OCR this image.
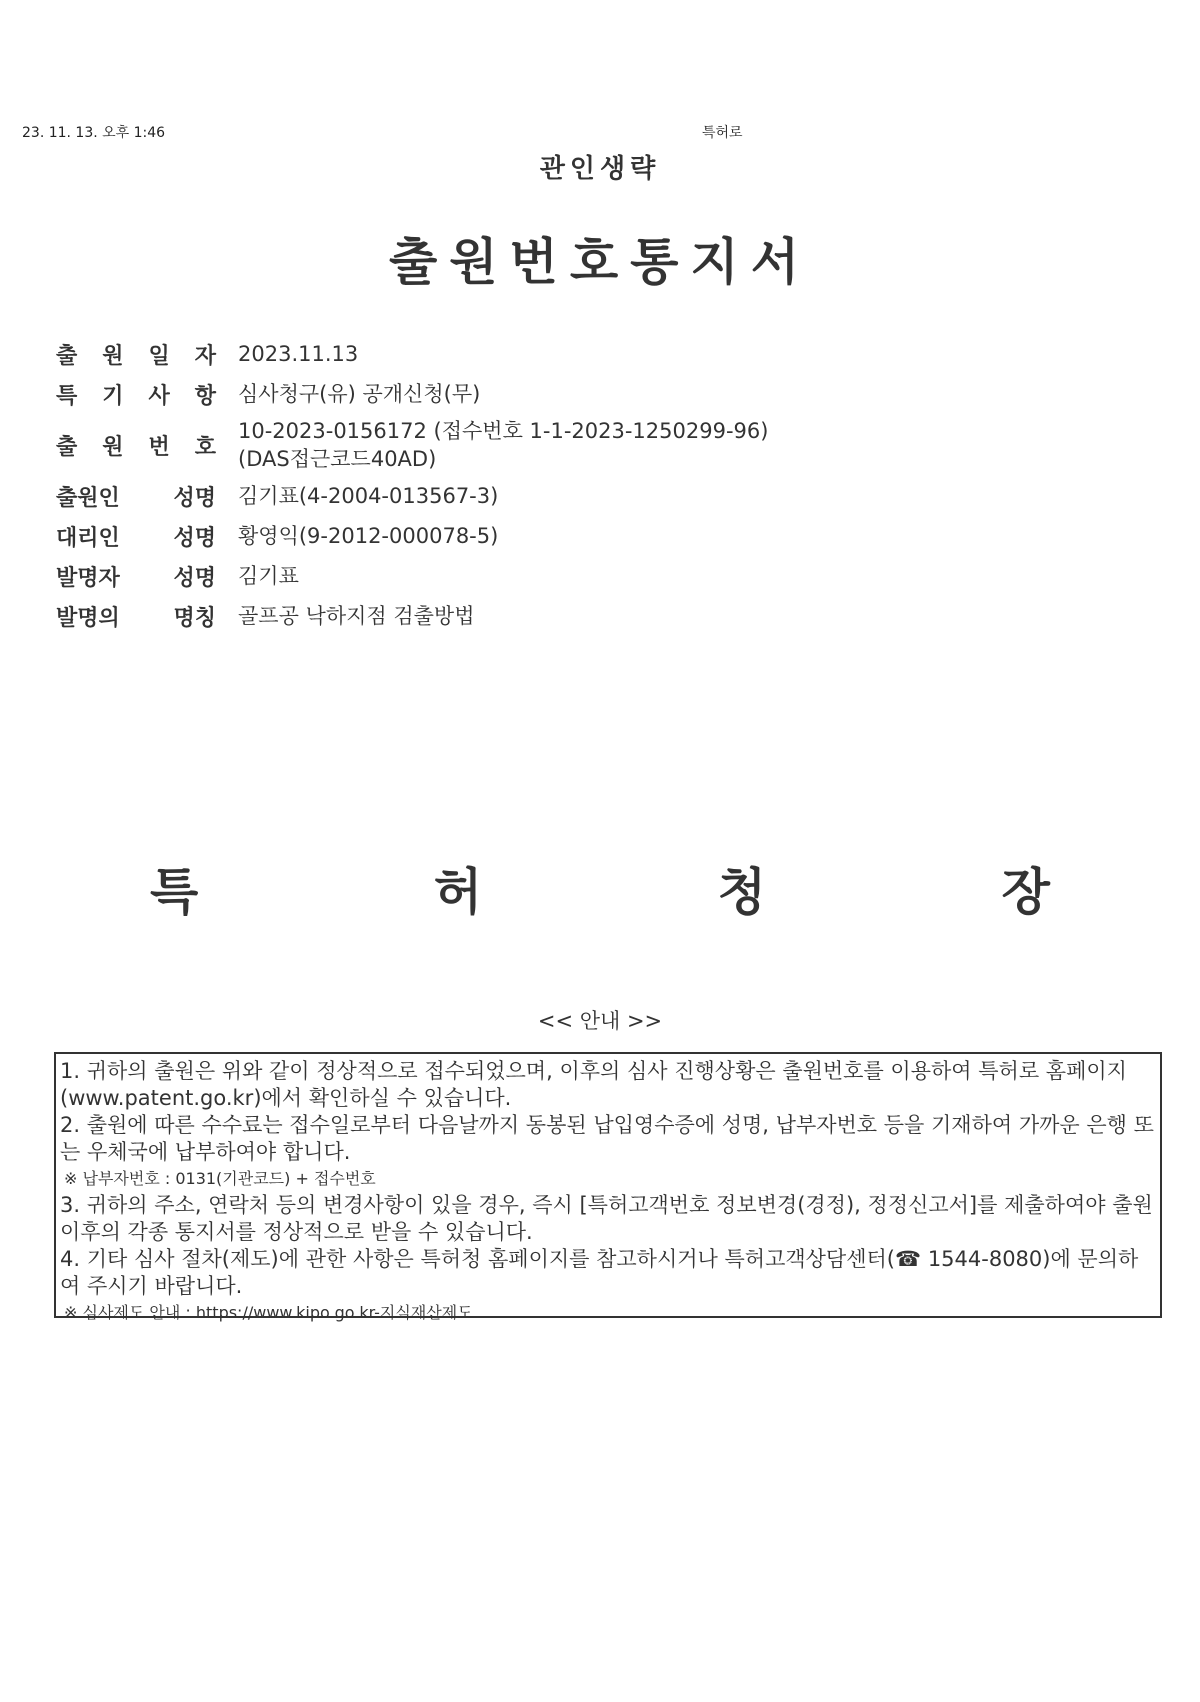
23. 11. 13. 오후 1:46	특허로
관인생략
출원번호통지서
출 원 일 자 2023.11.13
특 기 사 항 심사청구(유) 공개신청(무)
출 원 번 호
10-2023-0156172 (접수번호 1-1-2023-1250299-96)
(DAS접근코드40AD)
출원인 성명 김기표(4-2004-013567-3)
대리인 성명 황영익(9-2012-000078-5)
발명자 성명 김기표
발명의 명칭 골프공 낙하지점 검출방법
특	허	청	장
<< 안내 >>

1. 귀하의 출원은 위와 같이 정상적으로 접수되었으며, 이후의 심사 진행상황은 출원번호를 이용하여 특허로 홈페이지(www.patent.go.kr)에서 확인하실 수 있습니다.

2. 출원에 따른 수수료는 접수일로부터 다음날까지 동봉된 납입영수증에 성명, 납부자번호 등을 기재하여 가까운 은행 또는 우체국에 납부하여야 합니다.

※ 납부자번호 : 0131(기관코드) + 접수번호

3. 귀하의 주소, 연락처 등의 변경사항이 있을 경우, 즉시 [특허고객번호 정보변경(경정), 정정신고서]를 제출하여야 출원 이후의 각종 통지서를 정상적으로 받을 수 있습니다.

4. 기타 심사 절차(제도)에 관한 사항은 특허청 홈페이지를 참고하시거나 특허고객상담센터(☎ 1544-8080)에 문의하여 주시기 바랍니다.

※ 심사제도 안내 : https://www.kipo.go.kr-지식재산제도
